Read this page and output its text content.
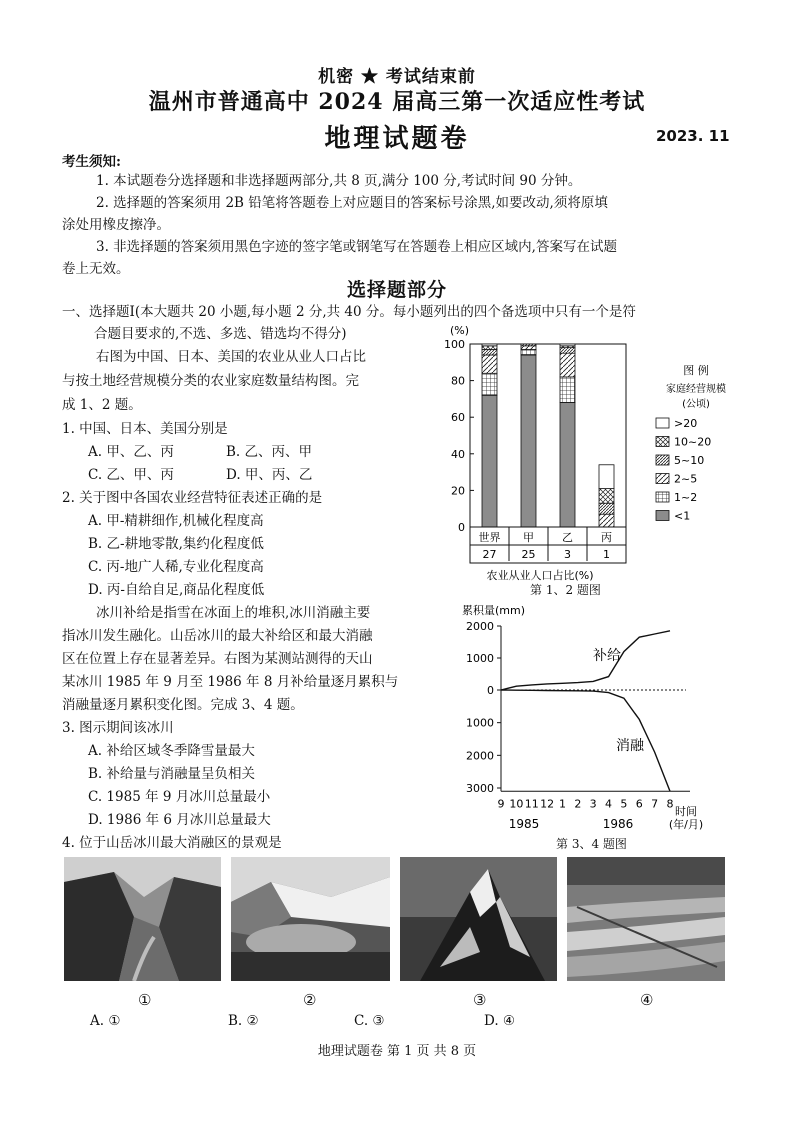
机密 ★ 考试结束前
温州市普通高中 2024 届高三第一次适应性考试
地理试题卷	2023. 11
考生须知:
1. 本试题卷分选择题和非选择题两部分,共 8 页,满分 100 分,考试时间 90 分钟。
2. 选择题的答案须用 2B 铅笔将答题卷上对应题目的答案标号涂黑,如要改动,须将原填
涂处用橡皮擦净。
3. 非选择题的答案须用黑色字迹的签字笔或钢笔写在答题卷上相应区域内,答案写在试题
卷上无效。
选择题部分
一、选择题Ⅰ(本大题共 20 小题,每小题 2 分,共 40 分。每小题列出的四个备选项中只有一个是符
合题目要求的,不选、多选、错选均不得分)
右图为中国、日本、美国的农业从业人口占比
与按土地经营规模分类的农业家庭数量结构图。完
成 1、2 题。
1. 中国、日本、美国分别是
A. 甲、乙、丙	B. 乙、丙、甲
C. 乙、甲、丙	D. 甲、丙、乙
2. 关于图中各国农业经营特征表述正确的是
A. 甲-精耕细作,机械化程度高
B. 乙-耕地零散,集约化程度低
C. 丙-地广人稀,专业化程度高
D. 丙-自给自足,商品化程度低
冰川补给是指雪在冰面上的堆积,冰川消融主要
指冰川发生融化。山岳冰川的最大补给区和最大消融
区在位置上存在显著差异。右图为某测站测得的天山
某冰川 1985 年 9 月至 1986 年 8 月补给量逐月累积与
消融量逐月累积变化图。完成 3、4 题。
3. 图示期间该冰川
A. 补给区域冬季降雪量最大
B. 补给量与消融量呈负相关
C. 1985 年 9 月冰川总量最小
D. 1986 年 6 月冰川总量最大
4. 位于山岳冰川最大消融区的景观是
(%)
0
20
40
60
80
100
世界
27
甲
25
乙
3
丙
1
农业从业人口占比(%)
图 例
家庭经营规模
(公顷)
>20
10~20
5~10
2~5
1~2
<1
第 1、2 题图
累积量(mm)
2000
1000
0
1000
2000
3000
9 10 11 12 1 2 3 4 5 6 7 8
补给
消融
1985	1986
时间
(年/月)
第 3、4 题图
①	②	③	④
A. ①	B. ②	C. ③	D. ④
地理试题卷 第 1 页 共 8 页
